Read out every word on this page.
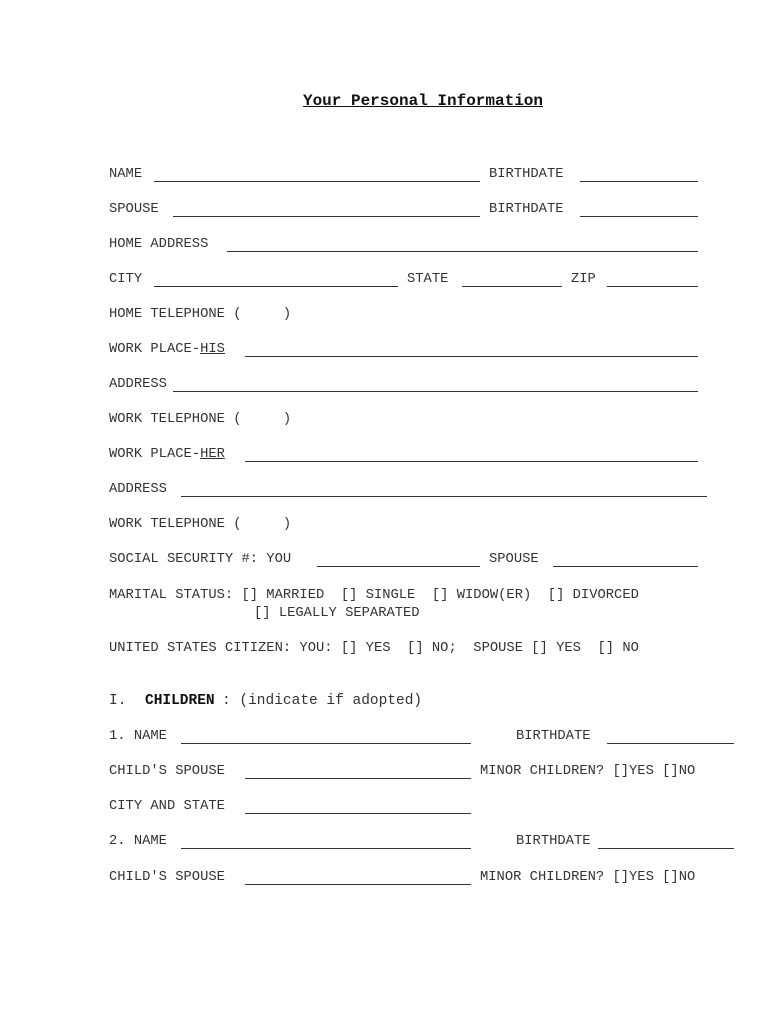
Your Personal Information
NAME	BIRTHDATE
SPOUSE	BIRTHDATE
HOME ADDRESS
CITY	STATE	ZIP
HOME TELEPHONE (     )
WORK PLACE-HIS
ADDRESS
WORK TELEPHONE (     )
WORK PLACE-HER
ADDRESS
WORK TELEPHONE (     )
SOCIAL SECURITY #: YOU	SPOUSE
MARITAL STATUS: [] MARRIED  [] SINGLE  [] WIDOW(ER)  [] DIVORCED
[] LEGALLY SEPARATED
UNITED STATES CITIZEN: YOU: [] YES  [] NO;  SPOUSE [] YES  [] NO
I. CHILDREN : (indicate if adopted)
1. NAME	BIRTHDATE
CHILD'S SPOUSE	MINOR CHILDREN? []YES []NO
CITY AND STATE
2. NAME	BIRTHDATE
CHILD'S SPOUSE	MINOR CHILDREN? []YES []NO
